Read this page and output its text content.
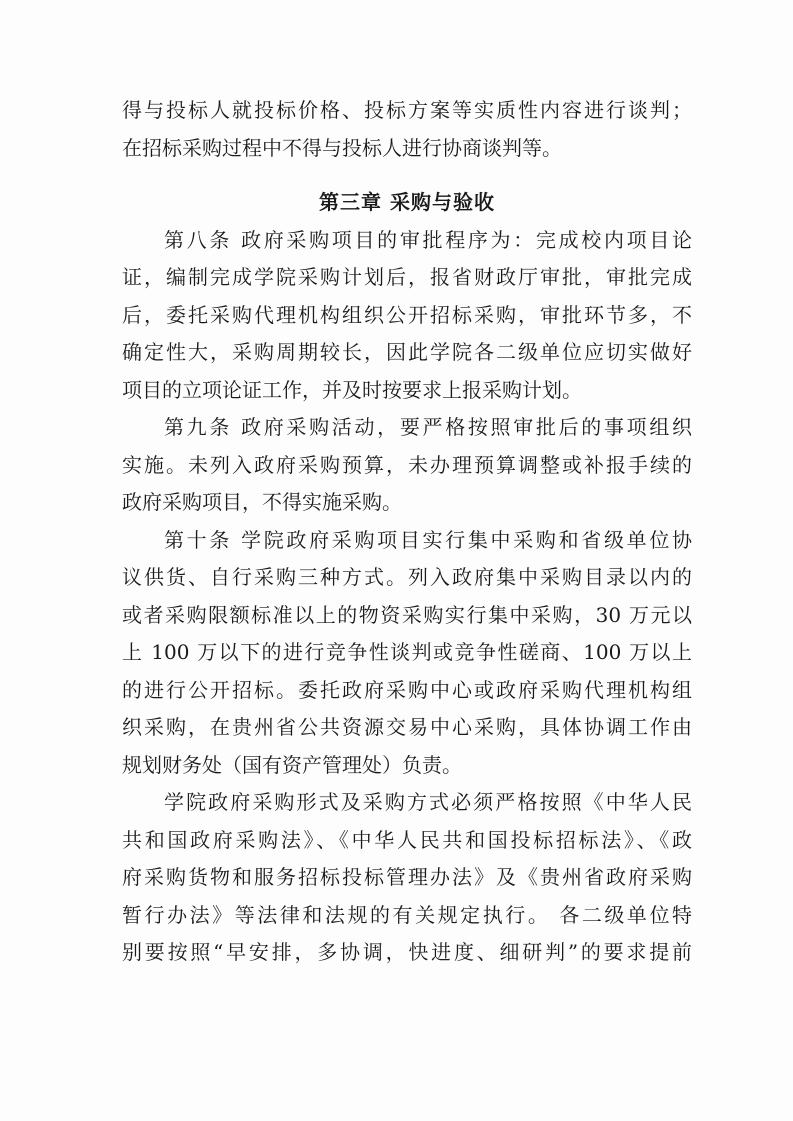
得与投标人就投标价格、投标方案等实质性内容进行谈判；
在招标采购过程中不得与投标人进行协商谈判等。
第三章 采购与验收
第八条 政府采购项目的审批程序为：完成校内项目论
证，编制完成学院采购计划后，报省财政厅审批，审批完成
后，委托采购代理机构组织公开招标采购，审批环节多，不
确定性大，采购周期较长，因此学院各二级单位应切实做好
项目的立项论证工作，并及时按要求上报采购计划。
第九条 政府采购活动，要严格按照审批后的事项组织
实施。未列入政府采购预算，未办理预算调整或补报手续的
政府采购项目，不得实施采购。
第十条 学院政府采购项目实行集中采购和省级单位协
议供货、自行采购三种方式。列入政府集中采购目录以内的
或者采购限额标准以上的物资采购实行集中采购，30 万元以
上 100 万以下的进行竞争性谈判或竞争性磋商、100 万以上
的进行公开招标。委托政府采购中心或政府采购代理机构组
织采购，在贵州省公共资源交易中心采购，具体协调工作由
规划财务处（国有资产管理处）负责。
学院政府采购形式及采购方式必须严格按照《中华人民
共和国政府采购法》、《中华人民共和国投标招标法》、《政
府采购货物和服务招标投标管理办法》及《贵州省政府采购
暂行办法》等法律和法规的有关规定执行。 各二级单位特
别要按照“早安排，多协调，快进度、细研判”的要求提前
